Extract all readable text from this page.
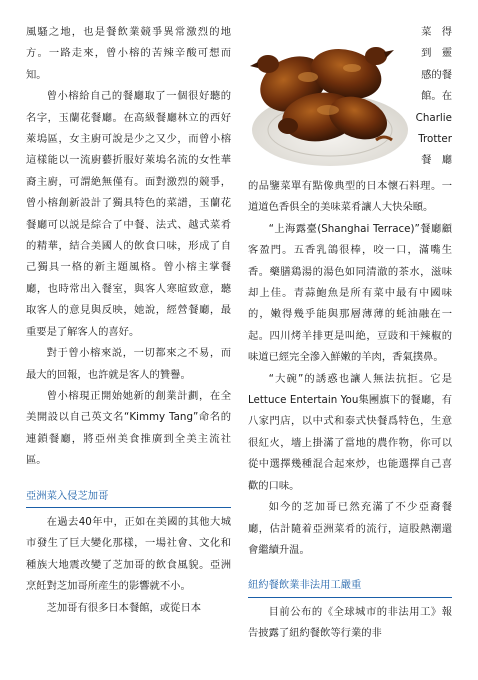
風騷之地，也是餐飲業競爭異常激烈的地方。一路走來，曾小榕的苦辣辛酸可想而知。

曾小榕給自己的餐廳取了一個很好聽的名字，玉蘭花餐廳。在高級餐廳林立的西好萊塢區，女主廚可說是少之又少，而曾小榕這樣能以一流廚藝折服好萊塢名流的女性華裔主廚，可謂絶無僅有。面對激烈的競爭，曾小榕創新設計了獨具特色的菜譜，玉蘭花餐廳可以説是綜合了中餐、法式、越式菜肴的精華，結合美國人的飲食口味，形成了自己獨具一格的新主題風格。曾小榕主掌餐廳，也時常出入餐室，與客人寒暄致意，聽取客人的意見與反映，她說，經營餐廳，最重要是了解客人的喜好。

對于曾小榕來説，一切都來之不易，而最大的回報，也許就是客人的贊譽。

曾小榕現正開始她新的創業計劃，在全美開設以自己英文名“Kimmy Tang”命名的連鎖餐廳，將亞州美食推廣到全美主流社區。

亞洲菜入侵芝加哥

在過去40年中，正如在美國的其他大城市發生了巨大變化那樣，一場社會、文化和種族大地震改變了芝加哥的飲食風貌。亞洲烹飪對芝加哥所産生的影響就不小。

芝加哥有很多日本餐館，或從日本

菜　得

到　靈

感的餐

館。在

Charlie

Trotter

餐　廳

的品鑒菜單有點像典型的日本懷石料理。一道道色香俱全的美味菜肴讓人大快朵頤。

“上海露臺(Shanghai Terrace)”餐廳顧客盈門。五香乳鴿很棒，咬一口，滿嘴生香。藥膳鶏湯的湯色如同清澈的茶水，滋味却上佳。青蒜鮑魚是所有菜中最有中國味的，嫩得幾乎能與那層薄薄的蚝油融在一起。四川烤羊排更是叫絶，豆豉和干辣椒的味道已經完全滲入鮮嫩的羊肉，香氣撲鼻。

“大碗”的誘惑也讓人無法抗拒。它是Lettuce Entertain You集團旗下的餐廳，有八家門店，以中式和泰式快餐爲特色，生意很紅火，墻上掛滿了當地的農作物，你可以從中選擇幾種混合起來炒，也能選擇自己喜歡的口味。

如今的芝加哥已然充滿了不少亞裔餐廳，估計隨着亞洲菜肴的流行，這股熱潮還會繼續升温。

紐約餐飲業非法用工嚴重

目前公布的《全球城市的非法用工》報告披露了紐約餐飲等行業的非
